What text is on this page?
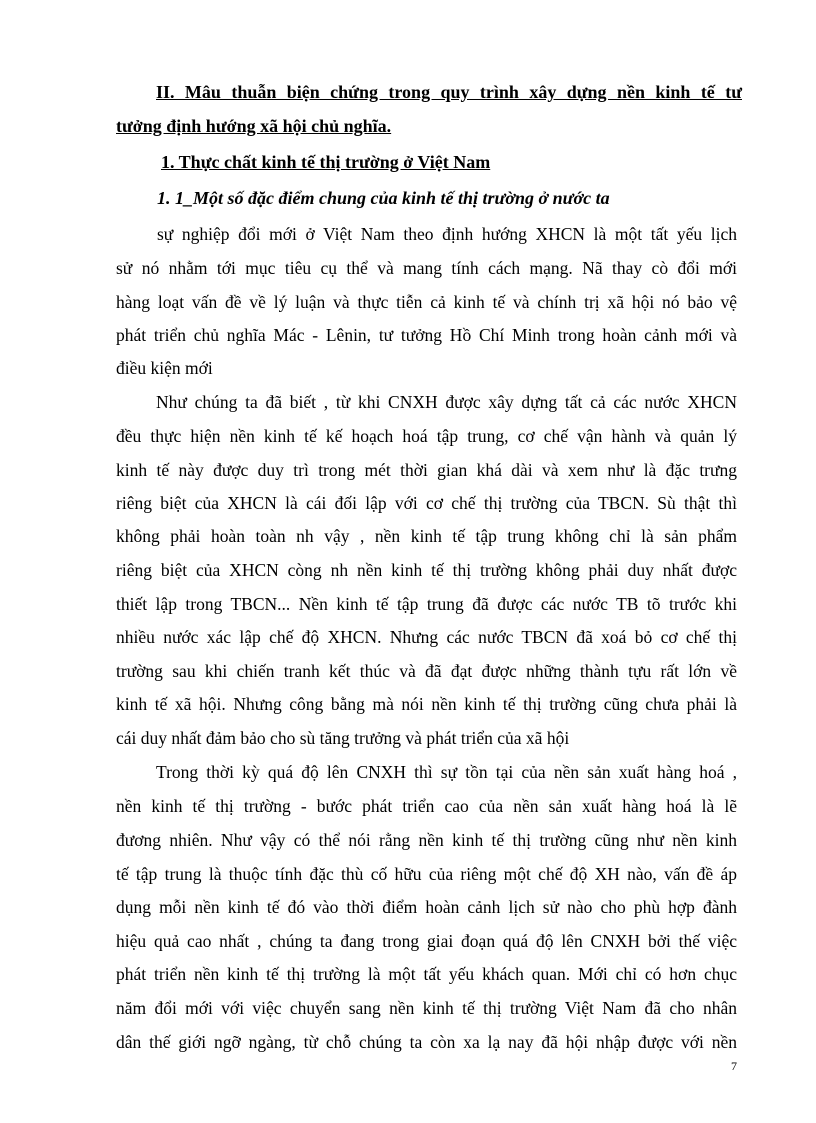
II. Mâu thuẫn biện chứng trong quy trình xây dựng nền kinh tế tư
tưởng định hướng xã hội chủ nghĩa.
1. Thực chất kinh tế thị trường ở Việt Nam
1. 1_Một số đặc điểm chung của kinh tế thị trường ở nước ta
sự nghiệp đổi mới ở Việt Nam theo định hướng XHCN là một tất yếu lịch
sử nó nhằm tới mục tiêu cụ thể và mang tính cách mạng. Nã thay cò đổi mới
hàng loạt vấn đề về lý luận và thực tiễn cả kinh tế và chính trị xã hội nó bảo vệ
phát triển chủ nghĩa Mác - Lênin, tư tưởng Hồ Chí Minh trong hoàn cảnh mới và
điều kiện mới
Như chúng ta đã biết , từ khi CNXH được xây dựng tất cả các nước XHCN
đều thực hiện nền kinh tế kế hoạch hoá tập trung, cơ chế vận hành và quản lý
kinh tế này được duy trì trong mét thời gian khá dài và xem như là đặc trưng
riêng biệt của XHCN là cái đối lập với cơ chế thị trường của TBCN. Sù thật thì
không phải hoàn toàn nh vậy , nền kinh tế tập trung không chỉ là sản phẩm
riêng biệt của XHCN còng nh nền kinh tế thị trường không phải duy nhất được
thiết lập trong TBCN... Nền kinh tế tập trung đã được các nước TB tõ trước khi
nhiều nước xác lập chế độ XHCN. Nhưng các nước TBCN đã xoá bỏ cơ chế thị
trường sau khi chiến tranh kết thúc và đã đạt được những thành tựu rất lớn về
kinh tế xã hội. Nhưng công bằng mà nói nền kinh tế thị trường cũng chưa phải là
cái duy nhất đảm bảo cho sù tăng trưởng và phát triển của xã hội
Trong thời kỳ quá độ lên CNXH thì sự tồn tại của nền sản xuất hàng hoá ,
nền kinh tế thị trường - bước phát triển cao của nền sản xuất hàng hoá là lẽ
đương nhiên. Như vậy có thể nói rằng nền kinh tế thị trường cũng như nền kinh
tế tập trung là thuộc tính đặc thù cố hữu của riêng một chế độ XH nào, vấn đề áp
dụng mỗi nền kinh tế đó vào thời điểm hoàn cảnh lịch sử nào cho phù hợp đành
hiệu quả cao nhất , chúng ta đang trong giai đoạn quá độ lên CNXH bởi thế việc
phát triển nền kinh tế thị trường là một tất yếu khách quan. Mới chỉ có hơn chục
năm đổi mới với việc chuyển sang nền kinh tế thị trường Việt Nam đã cho nhân
dân thế giới ngỡ ngàng, từ chỗ chúng ta còn xa lạ nay đã hội nhập được với nền
7
